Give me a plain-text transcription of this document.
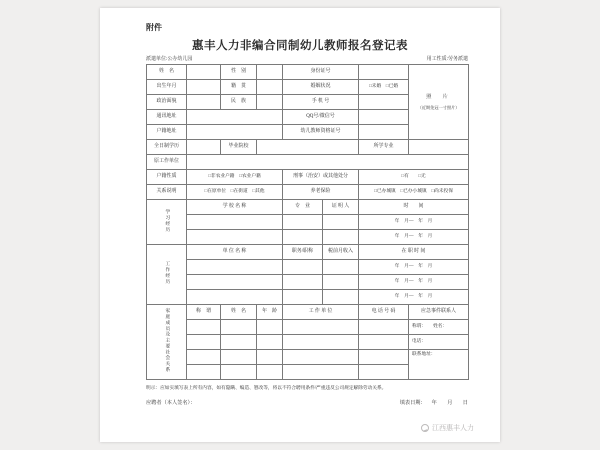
附件
惠丰人力非编合同制幼儿教师报名登记表
派遣单位:公办幼儿园	用工性质:劳务派遣
姓　名		性　别		身份证号			照　片
（近期免冠一寸照片）

出生年月		籍　贯		婚姻状况		□未婚　□已婚	
政治面貌		民　族		手 机 号			
通讯地址				QQ号/微信号			
户籍地址				幼儿教师资格证号			
全日制学历		毕业院校				所学专业	
原工作单位							
户籍性质	□非农业户籍　□农业户籍			刑事（治安）或其他处分		□有　　□无	
关系说明	□在原单位　□在街道　□其他			养老保险		□已办城镇　□已办小城镇　□尚未投保	
学习经历	学 校 名 称			专　业	证 明 人	时　　间	
						年　月—　年　月	
						年　月—　年　月	
工作经历	单 位 名 称			职务/职称	税前月收入	在 职 时 间	
						年　月—　年　月	
						年　月—　年　月	
						年　月—　年　月	
家庭成员及主要社会关系	称　谓	姓　名	年　龄	工 作 单 位		电 话 号 码	应急事件联系人
							称谓：　　姓名：
							电话：
							联系地址：

明示：应如实填写表上所有内容，如有隐瞒、编造、篡改等，将以不符合聘用条件/严重违反公司规定解除劳动关系。
应聘者（本人签名）：	填表日期： 年　　月　　日
江西惠丰人力
